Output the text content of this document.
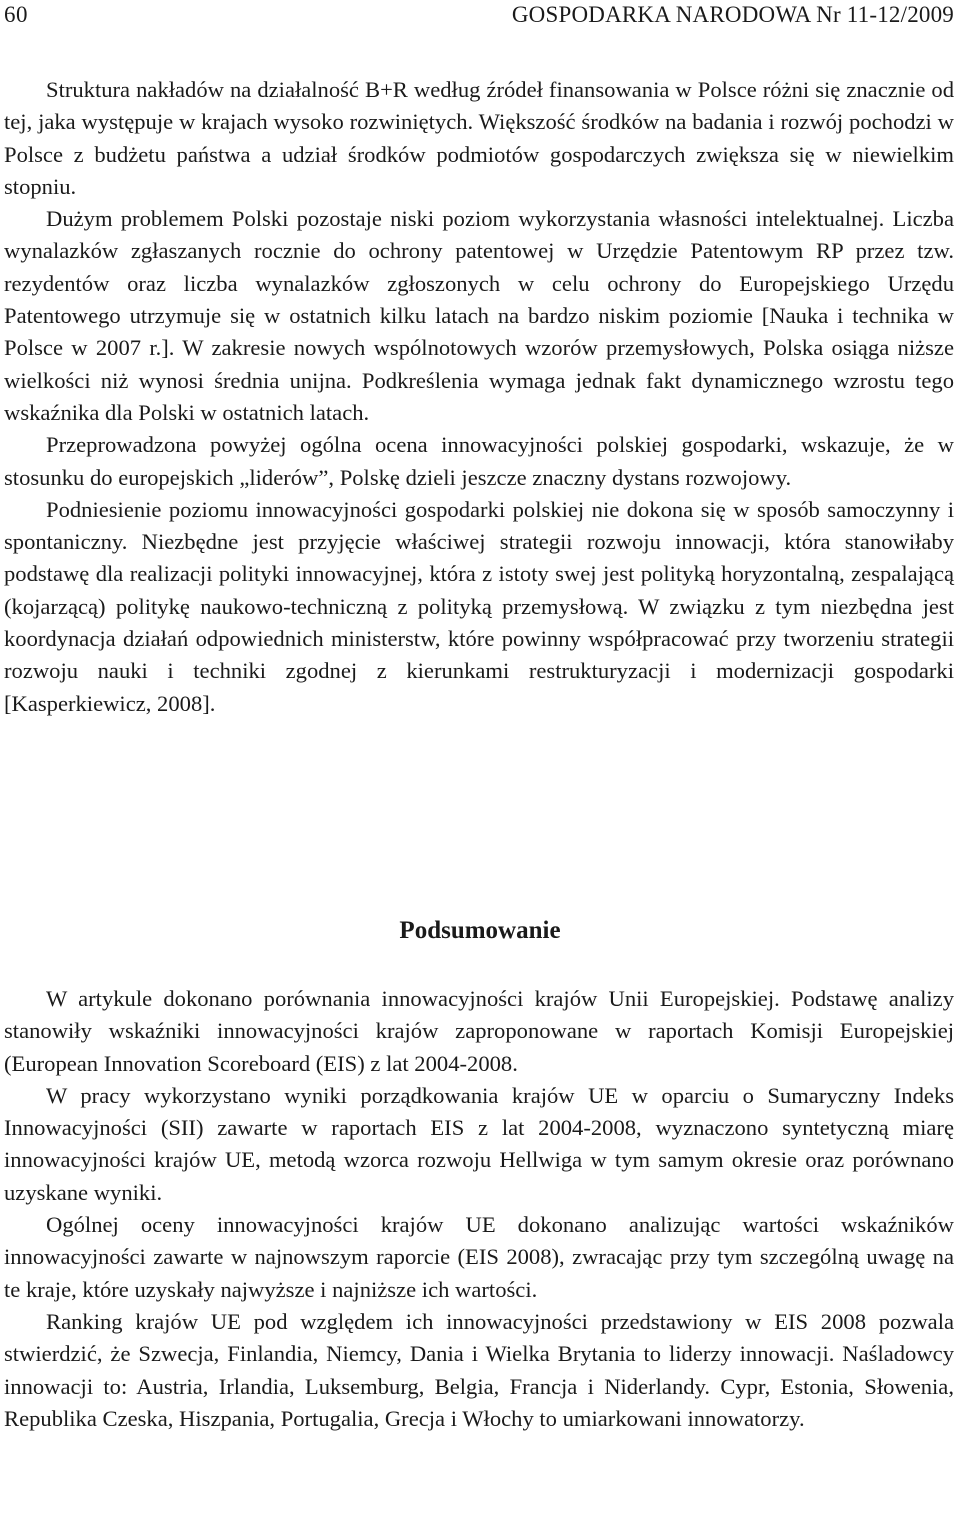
60	GOSPODARKA NARODOWA Nr 11-12/2009

Struktura nakładów na działalność B+R według źródeł finansowania w Polsce różni się znacznie od tej, jaka występuje w krajach wysoko rozwiniętych. Większość środków na badania i rozwój pochodzi w Polsce z budżetu państwa a udział środków podmiotów gospodarczych zwiększa się w niewielkim stopniu.

Dużym problemem Polski pozostaje niski poziom wykorzystania własności intelektualnej. Liczba wynalazków zgłaszanych rocznie do ochrony patentowej w Urzędzie Patentowym RP przez tzw. rezydentów oraz liczba wynalazków zgłoszonych w celu ochrony do Europejskiego Urzędu Patentowego utrzymuje się w ostatnich kilku latach na bardzo niskim poziomie [Nauka i technika w Polsce w 2007 r.]. W zakresie nowych wspólnotowych wzorów przemysłowych, Polska osiąga niższe wielkości niż wynosi średnia unijna. Podkreślenia wymaga jednak fakt dynamicznego wzrostu tego wskaźnika dla Polski w ostatnich latach.

Przeprowadzona powyżej ogólna ocena innowacyjności polskiej gospodarki, wskazuje, że w stosunku do europejskich „liderów”, Polskę dzieli jeszcze znaczny dystans rozwojowy.

Podniesienie poziomu innowacyjności gospodarki polskiej nie dokona się w sposób samoczynny i spontaniczny. Niezbędne jest przyjęcie właściwej strategii rozwoju innowacji, która stanowiłaby podstawę dla realizacji polityki innowacyjnej, która z istoty swej jest polityką horyzontalną, zespalającą (kojarzącą) politykę naukowo-techniczną z polityką przemysłową. W związku z tym niezbędna jest koordynacja działań odpowiednich ministerstw, które powinny współpracować przy tworzeniu strategii rozwoju nauki i techniki zgodnej z kierunkami restrukturyzacji i modernizacji gospodarki [Kasperkiewicz, 2008].

Podsumowanie

W artykule dokonano porównania innowacyjności krajów Unii Europejskiej. Podstawę analizy stanowiły wskaźniki innowacyjności krajów zaproponowane w raportach Komisji Europejskiej (European Innovation Scoreboard (EIS) z lat 2004-2008.

W pracy wykorzystano wyniki porządkowania krajów UE w oparciu o Sumaryczny Indeks Innowacyjności (SII) zawarte w raportach EIS z lat 2004-2008, wyznaczono syntetyczną miarę innowacyjności krajów UE, metodą wzorca rozwoju Hellwiga w tym samym okresie oraz porównano uzyskane wyniki.

Ogólnej oceny innowacyjności krajów UE dokonano analizując wartości wskaźników innowacyjności zawarte w najnowszym raporcie (EIS 2008), zwracając przy tym szczególną uwagę na te kraje, które uzyskały najwyższe i najniższe ich wartości.

Ranking krajów UE pod względem ich innowacyjności przedstawiony w EIS 2008 pozwala stwierdzić, że Szwecja, Finlandia, Niemcy, Dania i Wielka Brytania to liderzy innowacji. Naśladowcy innowacji to: Austria, Irlandia, Luksemburg, Belgia, Francja i Niderlandy. Cypr, Estonia, Słowenia, Republika Czeska, Hiszpania, Portugalia, Grecja i Włochy to umiarkowani innowatorzy.
